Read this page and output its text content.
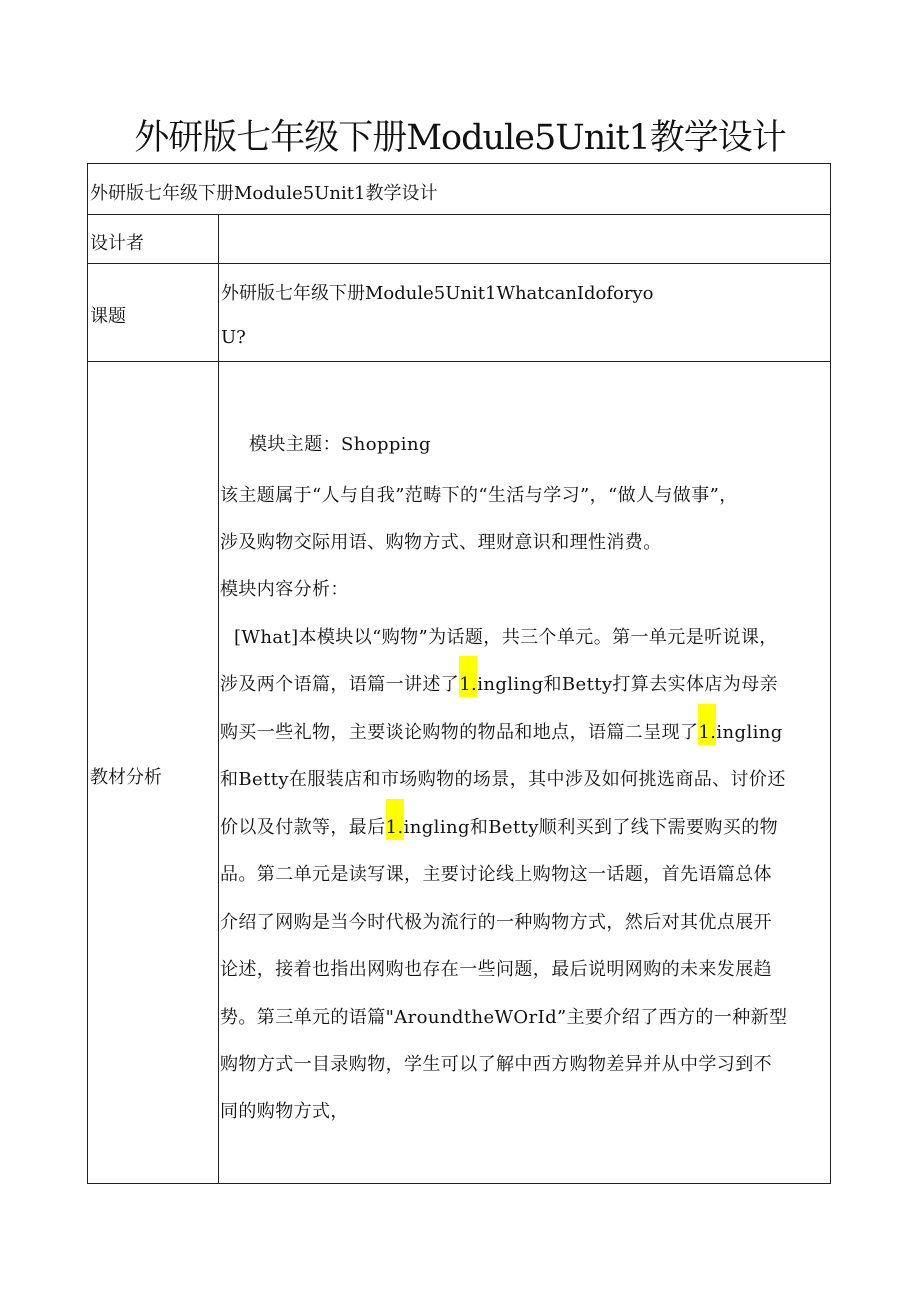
外研版七年级下册Module5Unit1教学设计
外研版七年级下册Module5Unit1教学设计
设计者
课题
外研版七年级下册Module5Unit1WhatcanIdoforyo
U?
教材分析
模块主题：Shopping
该主题属于“人与自我”范畴下的“生活与学习”，“做人与做事”，
涉及购物交际用语、购物方式、理财意识和理性消费。
模块内容分析：
[What]本模块以“购物”为话题，共三个单元。第一单元是听说课，
涉及两个语篇，语篇一讲述了1.ingling和Betty打算去实体店为母亲
购买一些礼物，主要谈论购物的物品和地点，语篇二呈现了1.ingling
和Betty在服装店和市场购物的场景，其中涉及如何挑选商品、讨价还
价以及付款等，最后1.ingling和Betty顺利买到了线下需要购买的物
品。第二单元是读写课，主要讨论线上购物这一话题，首先语篇总体
介绍了网购是当今时代极为流行的一种购物方式，然后对其优点展开
论述，接着也指出网购也存在一些问题，最后说明网购的未来发展趋
势。第三单元的语篇"AroundtheWOrId”主要介绍了西方的一种新型
购物方式一目录购物，学生可以了解中西方购物差异并从中学习到不
同的购物方式，
